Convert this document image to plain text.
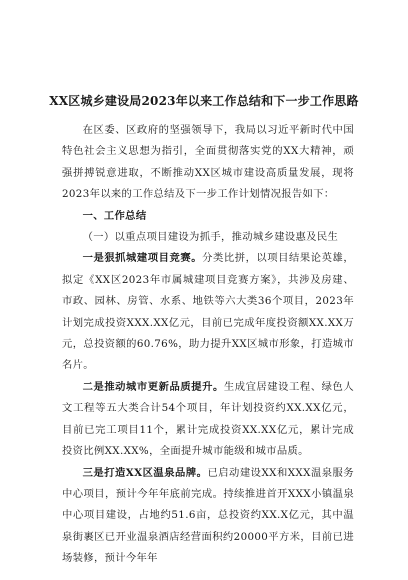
XX区城乡建设局2023年以来工作总结和下一步工作思路

在区委、区政府的坚强领导下，我局以习近平新时代中国特色社会主义思想为指引，全面贯彻落实党的XX大精神，顽强拼搏锐意进取，不断推动XX区城市建设高质量发展，现将2023年以来的工作总结及下一步工作计划情况报告如下：

一、工作总结

（一）以重点项目建设为抓手，推动城乡建设惠及民生

一是狠抓城建项目竞赛。分类比拼，以项目结果论英雄，拟定《XX区2023年市属城建项目竞赛方案》，共涉及房建、市政、园林、房管、水系、地铁等六大类36个项目，2023年计划完成投资XXX.XX亿元，目前已完成年度投资额XX.XX万元，总投资额的60.76%，助力提升XX区城市形象，打造城市名片。

二是推动城市更新品质提升。生成宜居建设工程、绿色人文工程等五大类合计54个项目，年计划投资约XX.XX亿元，目前已完工项目11个，累计完成投资XX.XX亿元，累计完成投资比例XX.XX%，全面提升城市能级和城市品质。

三是打造XX区温泉品牌。已启动建设XX和XXX温泉服务中心项目，预计今年年底前完成。持续推进首开XXX小镇温泉中心项目建设，占地约51.6亩，总投资约XX.X亿元，其中温泉街裹区已开业温泉酒店经营面积约20000平方米，目前已进场装修，预计今年年
